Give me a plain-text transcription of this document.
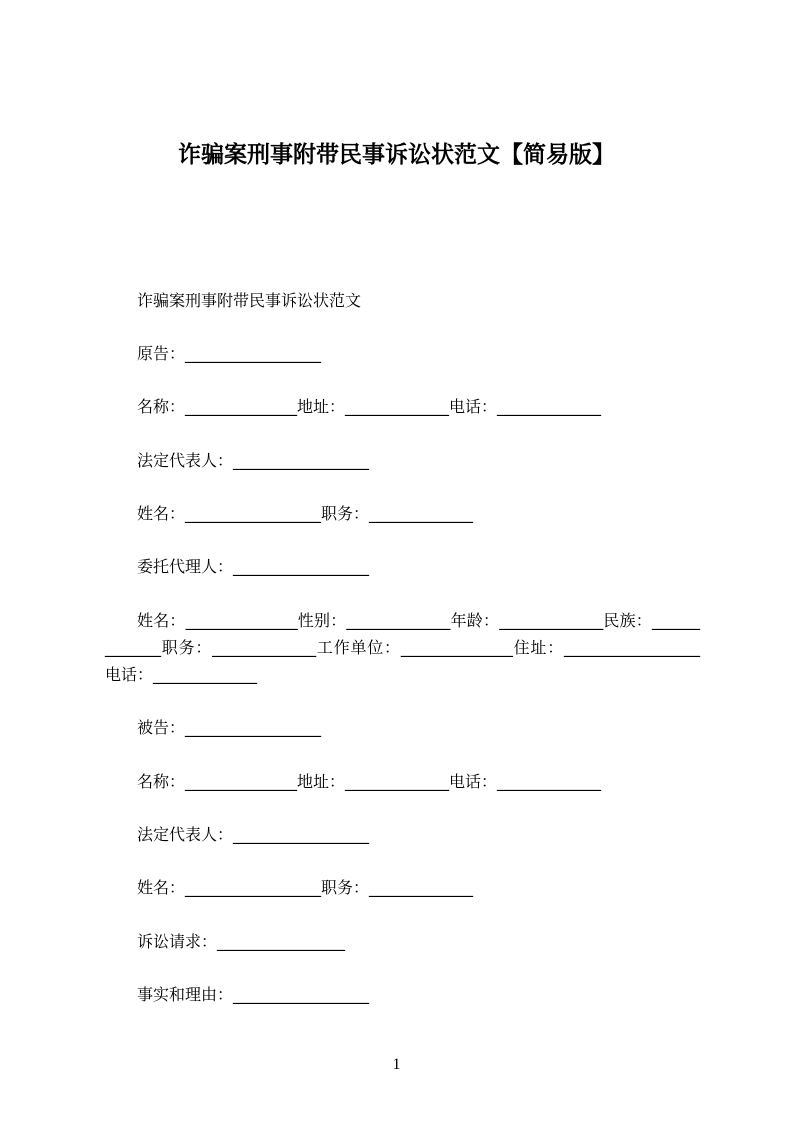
诈骗案刑事附带民事诉讼状范文【简易版】

诈骗案刑事附带民事诉讼状范文

原告：_________________

名称：______________地址：_____________电话：_____________

法定代表人：_________________

姓名：_________________职务：_____________

委托代理人：_________________

姓名：______________性别：_____________年龄：_____________民族：_____________职务：_____________工作单位：______________住址：_________________电话：_____________

被告：_________________

名称：______________地址：_____________电话：_____________

法定代表人：_________________

姓名：_________________职务：_____________

诉讼请求：________________

事实和理由：_________________

1
